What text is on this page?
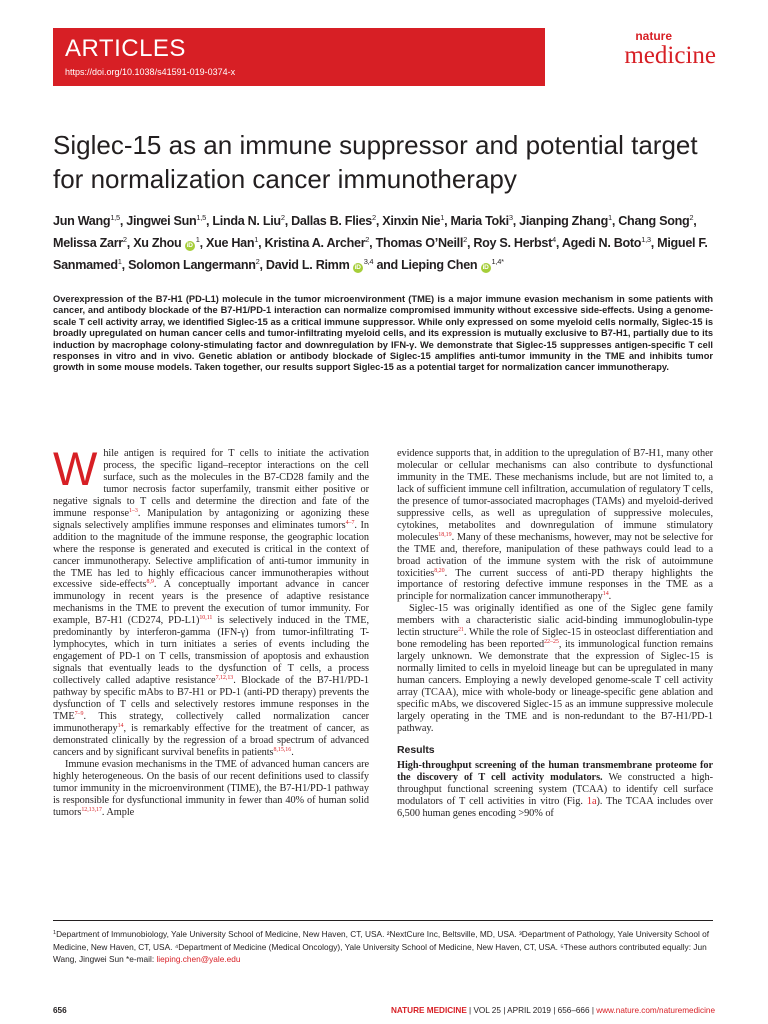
ARTICLES
https://doi.org/10.1038/s41591-019-0374-x
nature
medicine
Siglec-15 as an immune suppressor and potential target for normalization cancer immunotherapy
Jun Wang$^{1,5}$, Jingwei Sun$^{1,5}$, Linda N. Liu$^2$, Dallas B. Flies$^2$, Xinxin Nie$^1$, Maria Toki$^3$, Jianping Zhang$^1$, Chang Song$^2$, Melissa Zarr$^2$, Xu Zhou  $iD^1$, Xue Han$^1$, Kristina A. Archer$^2$, Thomas O’Neill$^2$, Roy S. Herbst$^4$, Agedi N. Boto$^{1,3}$, Miguel F. Sanmamed$^1$, Solomon Langermann$^2$, David L. Rimm  iD$^{3,4}$ and Lieping Chen  $iD^{1,4*}$
Overexpression of the B7-H1 (PD-L1) molecule in the tumor microenvironment (TME) is a major immune evasion mechanism in some patients with cancer, and antibody blockade of the B7-H1/PD-1 interaction can normalize compromised immunity without excessive side-effects. Using a genome-scale T cell activity array, we identified Siglec-15 as a critical immune suppressor. While only expressed on some myeloid cells normally, Siglec-15 is broadly upregulated on human cancer cells and tumor-infiltrating myeloid cells, and its expression is mutually exclusive to B7-H1, partially due to its induction by macrophage colony-stimulating factor and downregulation by IFN-γ. We demonstrate that Siglec-15 suppresses antigen-specific T cell responses in vitro and in vivo. Genetic ablation or antibody blockade of Siglec-15 amplifies anti-tumor immunity in the TME and inhibits tumor growth in some mouse models. Taken together, our results support Siglec-15 as a potential target for normalization cancer immunotherapy.

While antigen is required for T cells to initiate the activation process, the specific ligand–receptor interactions on the cell surface, such as the molecules in the B7-CD28 family and the tumor necrosis factor superfamily, transmit either positive or negative signals to T cells and determine the direction and fate of the immune response$^{1-3}$. Manipulation by antagonizing or agonizing these signals selectively amplifies immune responses and eliminates tumors$^{4-7}$. In addition to the magnitude of the immune response, the geographic location where the response is generated and executed is critical in the context of cancer immunotherapy. Selective amplification of anti-tumor immunity in the TME has led to highly efficacious cancer immunotherapies without excessive side-effects$^{8,9}$. A conceptually important advance in cancer immunology in recent years is the presence of adaptive resistance mechanisms in the TME to prevent the execution of tumor immunity. For example, B7-H1 (CD274, PD-L1)$^{10,11}$ is selectively induced in the TME, predominantly by interferon-gamma (IFN-γ) from tumor-infiltrating T-lymphocytes, which in turn initiates a series of events including the engagement of PD-1 on T cells, transmission of apoptosis and exhaustion signals that eventually leads to the dysfunction of T cells, a process collectively called adaptive resistance$^{7,12,13}$. Blockade of the B7-H1/PD-1 pathway by specific mAbs to B7-H1 or PD-1 (anti-PD therapy) prevents the dysfunction of T cells and selectively restores immune responses in the TME$^{7-9}$. This strategy, collectively called normalization cancer immunotherapy$^{14}$, is remarkably effective for the treatment of cancer, as demonstrated clinically by the regression of a broad spectrum of advanced cancers and by significant survival benefits in patients$^{8,15,16}$.

Immune evasion mechanisms in the TME of advanced human cancers are highly heterogeneous. On the basis of our recent definitions used to classify tumor immunity in the microenvironment (TIME), the B7-H1/PD-1 pathway is responsible for dysfunctional immunity in fewer than 40% of human solid tumors$^{12,13,17}$. Ample

evidence supports that, in addition to the upregulation of B7-H1, many other molecular or cellular mechanisms can also contribute to dysfunctional immunity in the TME. These mechanisms include, but are not limited to, a lack of sufficient immune cell infiltration, accumulation of regulatory T cells, the presence of tumor-associated macrophages (TAMs) and myeloid-derived suppressive cells, as well as upregulation of suppressive molecules, cytokines, metabolites and downregulation of immune stimulatory molecules$^{18,19}$. Many of these mechanisms, however, may not be selective for the TME and, therefore, manipulation of these pathways could lead to a broad activation of the immune system with the risk of autoimmune toxicities$^{8,20}$. The current success of anti-PD therapy highlights the importance of restoring defective immune responses in the TME as a principle for normalization cancer immunotherapy$^{14}$.

Siglec-15 was originally identified as one of the Siglec gene family members with a characteristic sialic acid-binding immunoglobulin-type lectin structure$^{21}$. While the role of Siglec-15 in osteoclast differentiation and bone remodeling has been reported$^{22-25}$, its immunological function remains largely unknown. We demonstrate that the expression of Siglec-15 is normally limited to cells in myeloid lineage but can be upregulated in many human cancers. Employing a newly developed genome-scale T cell activity array (TCAA), mice with whole-body or lineage-specific gene ablation and specific mAbs, we discovered Siglec-15 as an immune suppressive molecule largely operating in the TME and is non-redundant to the B7-H1/PD-1 pathway.

Results

High-throughput screening of the human transmembrane proteome for the discovery of T cell activity modulators. We constructed a high-throughput functional screening system (TCAA) to identify cell surface modulators of T cell activities in vitro (Fig. 1a). The TCAA includes over 6,500 human genes encoding >90% of

$^1$Department of Immunobiology, Yale University School of Medicine, New Haven, CT, USA. ²NextCure Inc, Beltsville, MD, USA. ³Department of Pathology, Yale University School of Medicine, New Haven, CT, USA. ⁴Department of Medicine (Medical Oncology), Yale University School of Medicine, New Haven, CT, USA. ⁵These authors contributed equally: Jun Wang, Jingwei Sun *e-mail: lieping.chen@yale.edu
656	NATURE MEDICINE | VOL 25 | APRIL 2019 | 656–666 | www.nature.com/naturemedicine
